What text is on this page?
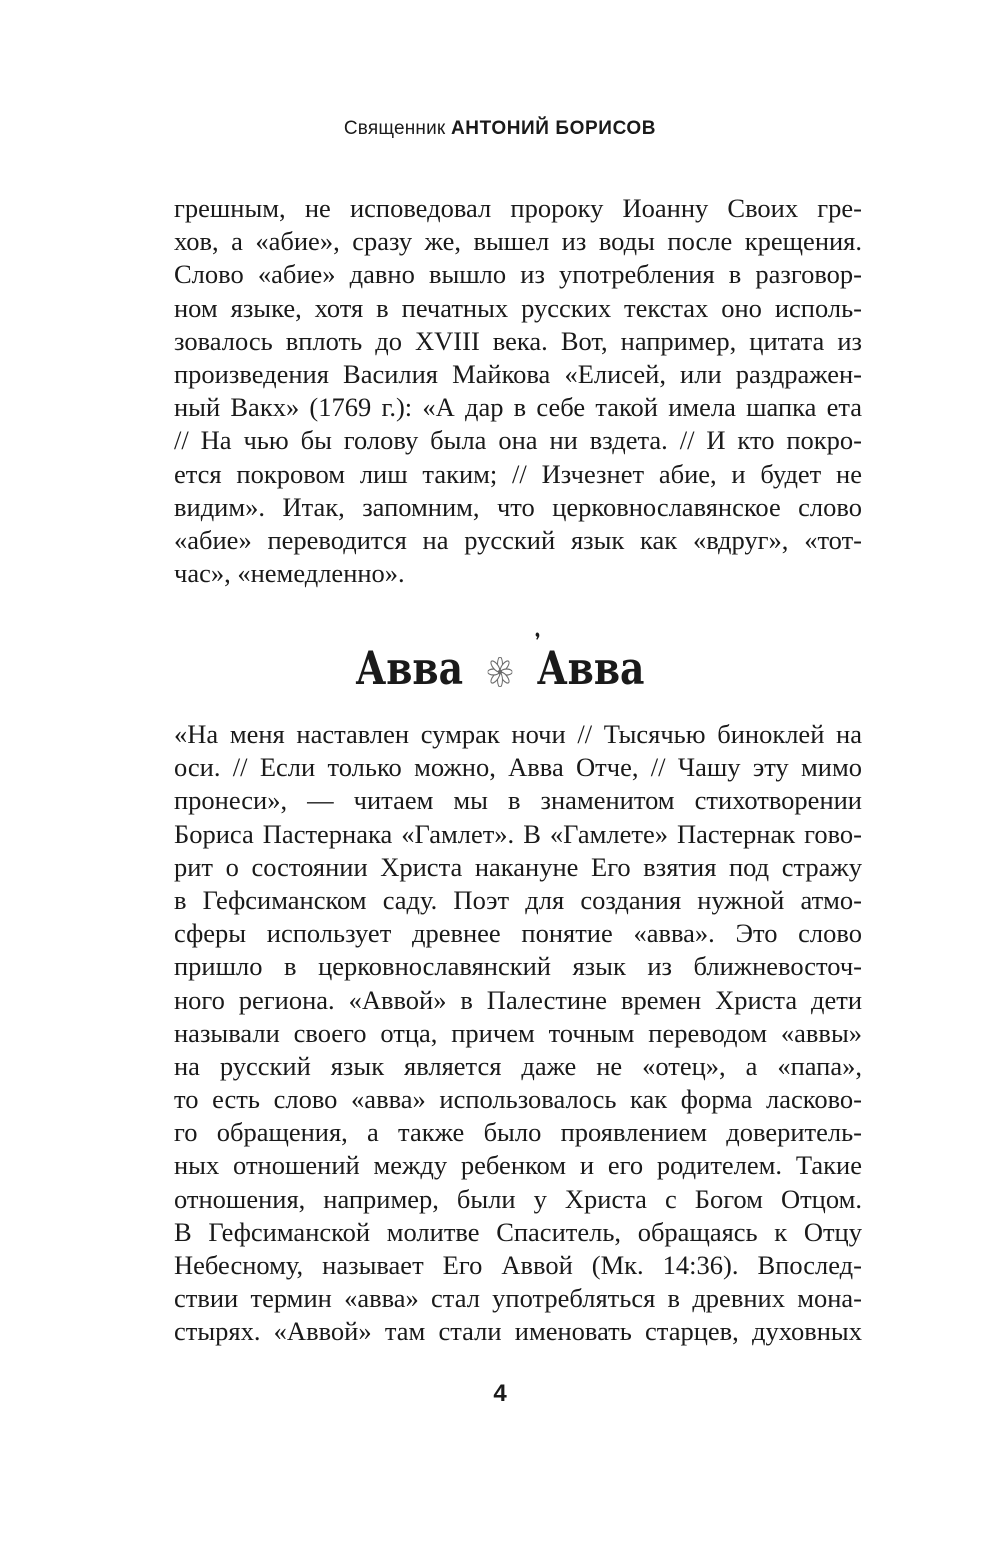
Священник АНТОНИЙ БОРИСОВ
грешным, не исповедовал пророку Иоанну Своих гре-
хов, а «абие», сразу же, вышел из воды после крещения.
Слово «абие» давно вышло из употребления в разговор-
ном языке, хотя в печатных русских текстах оно исполь-
зовалось вплоть до XVIII века. Вот, например, цитата из
произведения Василия Майкова «Елисей, или раздражен-
ный Вакх» (1769 г.): «А дар в себе такой имела шапка ета
// На чью бы голову была она ни вздета. // И кто покро-
ется покровом лиш таким; // Изчезнет абие, и будет не
видим». Итак, запомним, что церковнославянское слово
«абие» переводится на русский язык как «вдруг», «тот-
час», «немедленно».
Авва Аввa
«На меня наставлен сумрак ночи // Тысячью биноклей на
оси. // Если только можно, Авва Отче, // Чашу эту мимо
пронеси», — читаем мы в знаменитом стихотворении
Бориса Пастернака «Гамлет». В «Гамлете» Пастернак гово-
рит о состоянии Христа накануне Его взятия под стражу
в Гефсиманском саду. Поэт для создания нужной атмо-
сферы использует древнее понятие «авва». Это слово
пришло в церковнославянский язык из ближневосточ-
ного региона. «Аввой» в Палестине времен Христа дети
называли своего отца, причем точным переводом «аввы»
на русский язык является даже не «отец», а «папа»,
то есть слово «авва» использовалось как форма ласково-
го обращения, а также было проявлением доверитель-
ных отношений между ребенком и его родителем. Такие
отношения, например, были у Христа с Богом Отцом.
В Гефсиманской молитве Спаситель, обращаясь к Отцу
Небесному, называет Его Аввой (Мк. 14:36). Впослед-
ствии термин «авва» стал употребляться в древних мона-
стырях. «Аввой» там стали именовать старцев, духовных
4
